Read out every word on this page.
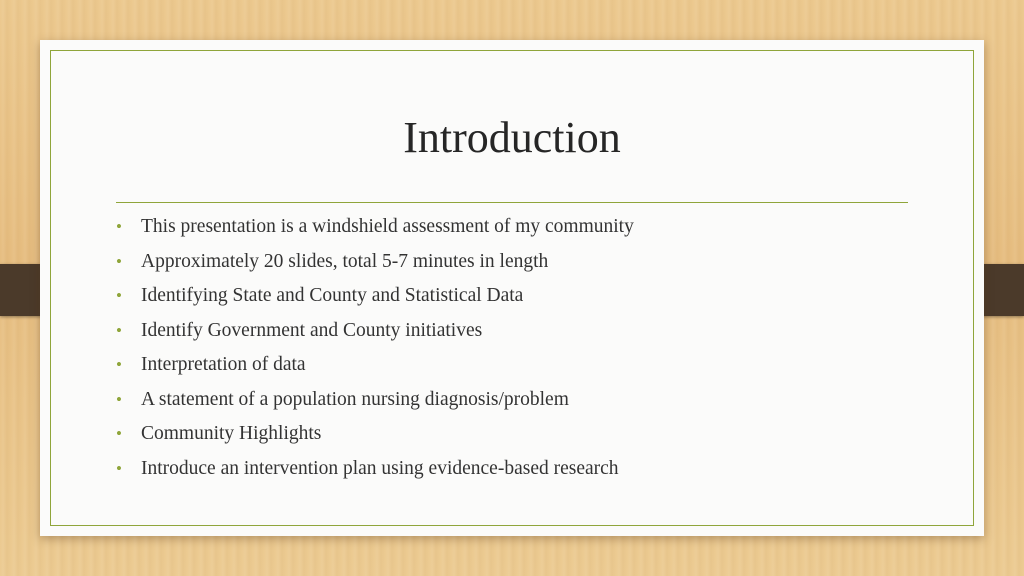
Introduction
• This presentation is a windshield assessment of my community
• Approximately 20 slides, total 5-7 minutes in length
• Identifying State and County and Statistical Data
• Identify Government and County initiatives
• Interpretation of data
• A statement of a population nursing diagnosis/problem
• Community Highlights
• Introduce an intervention plan using evidence-based research
